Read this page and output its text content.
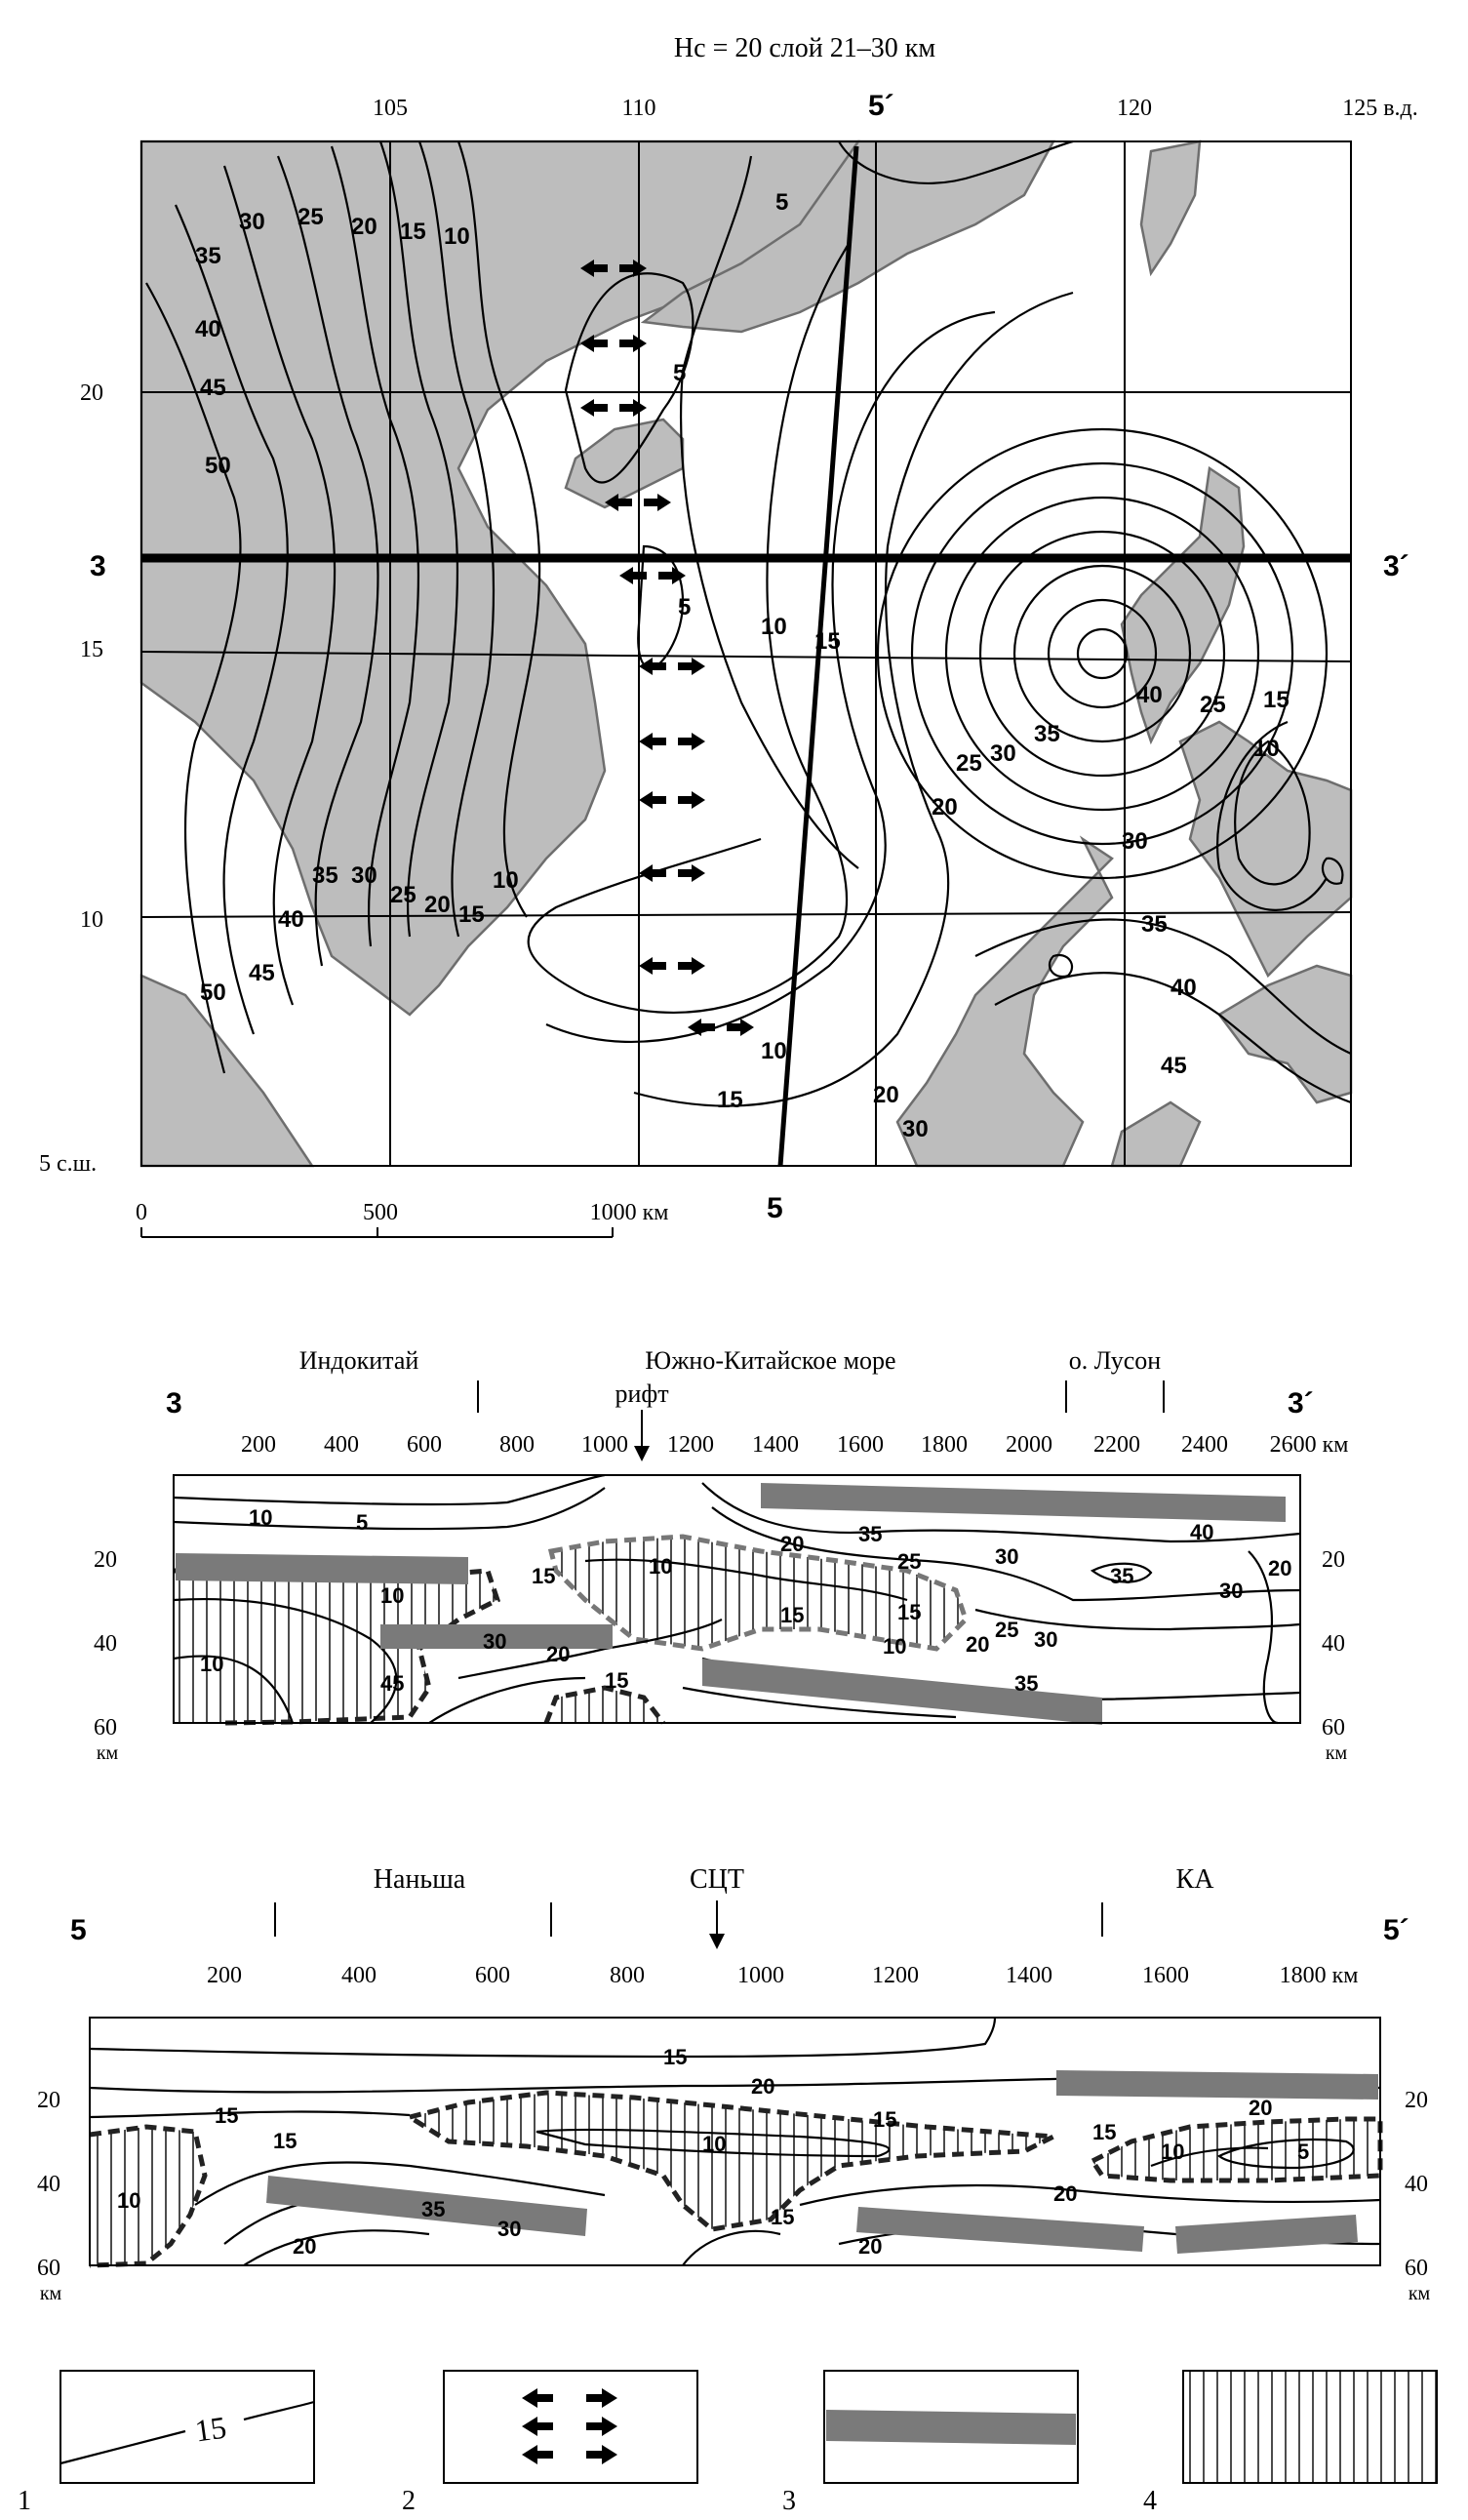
Hc = 20 слой 21–30 км
105	110	120	125 в.д.
5´
20
15
10
5 с.ш.
3	3´
5
10
15
20
25
30
35
40
45
50
5
5
10
15
20
25 30
35
40 25 15
10
30
35
40
45
35 30
25 20 15
10
40
45
50
10
15	20
30
5
0	500	1000 км
Индокитай	Южно-Китайское море
рифт
о. Лусон
3	3´
200 400 600 800 1000 1200 1400 1600 1800 2000 2200 2400 2600 км
20
40
60
км
20
40
60
км
10	5
15	10
20	35
25	30
40
35
30
20
10
30
20
15
45
10
15
25 30
20
35
15
10
Наньша	СЦТ	КА
5	5´
200	400	600	800	1000	1200	1400	1600	1800 км
20
40
60
км
20
40
60
км
15
20
20
15
10
15
10
15
20
35
30
20	20
15
10	5
15
15
1	2	3	4
